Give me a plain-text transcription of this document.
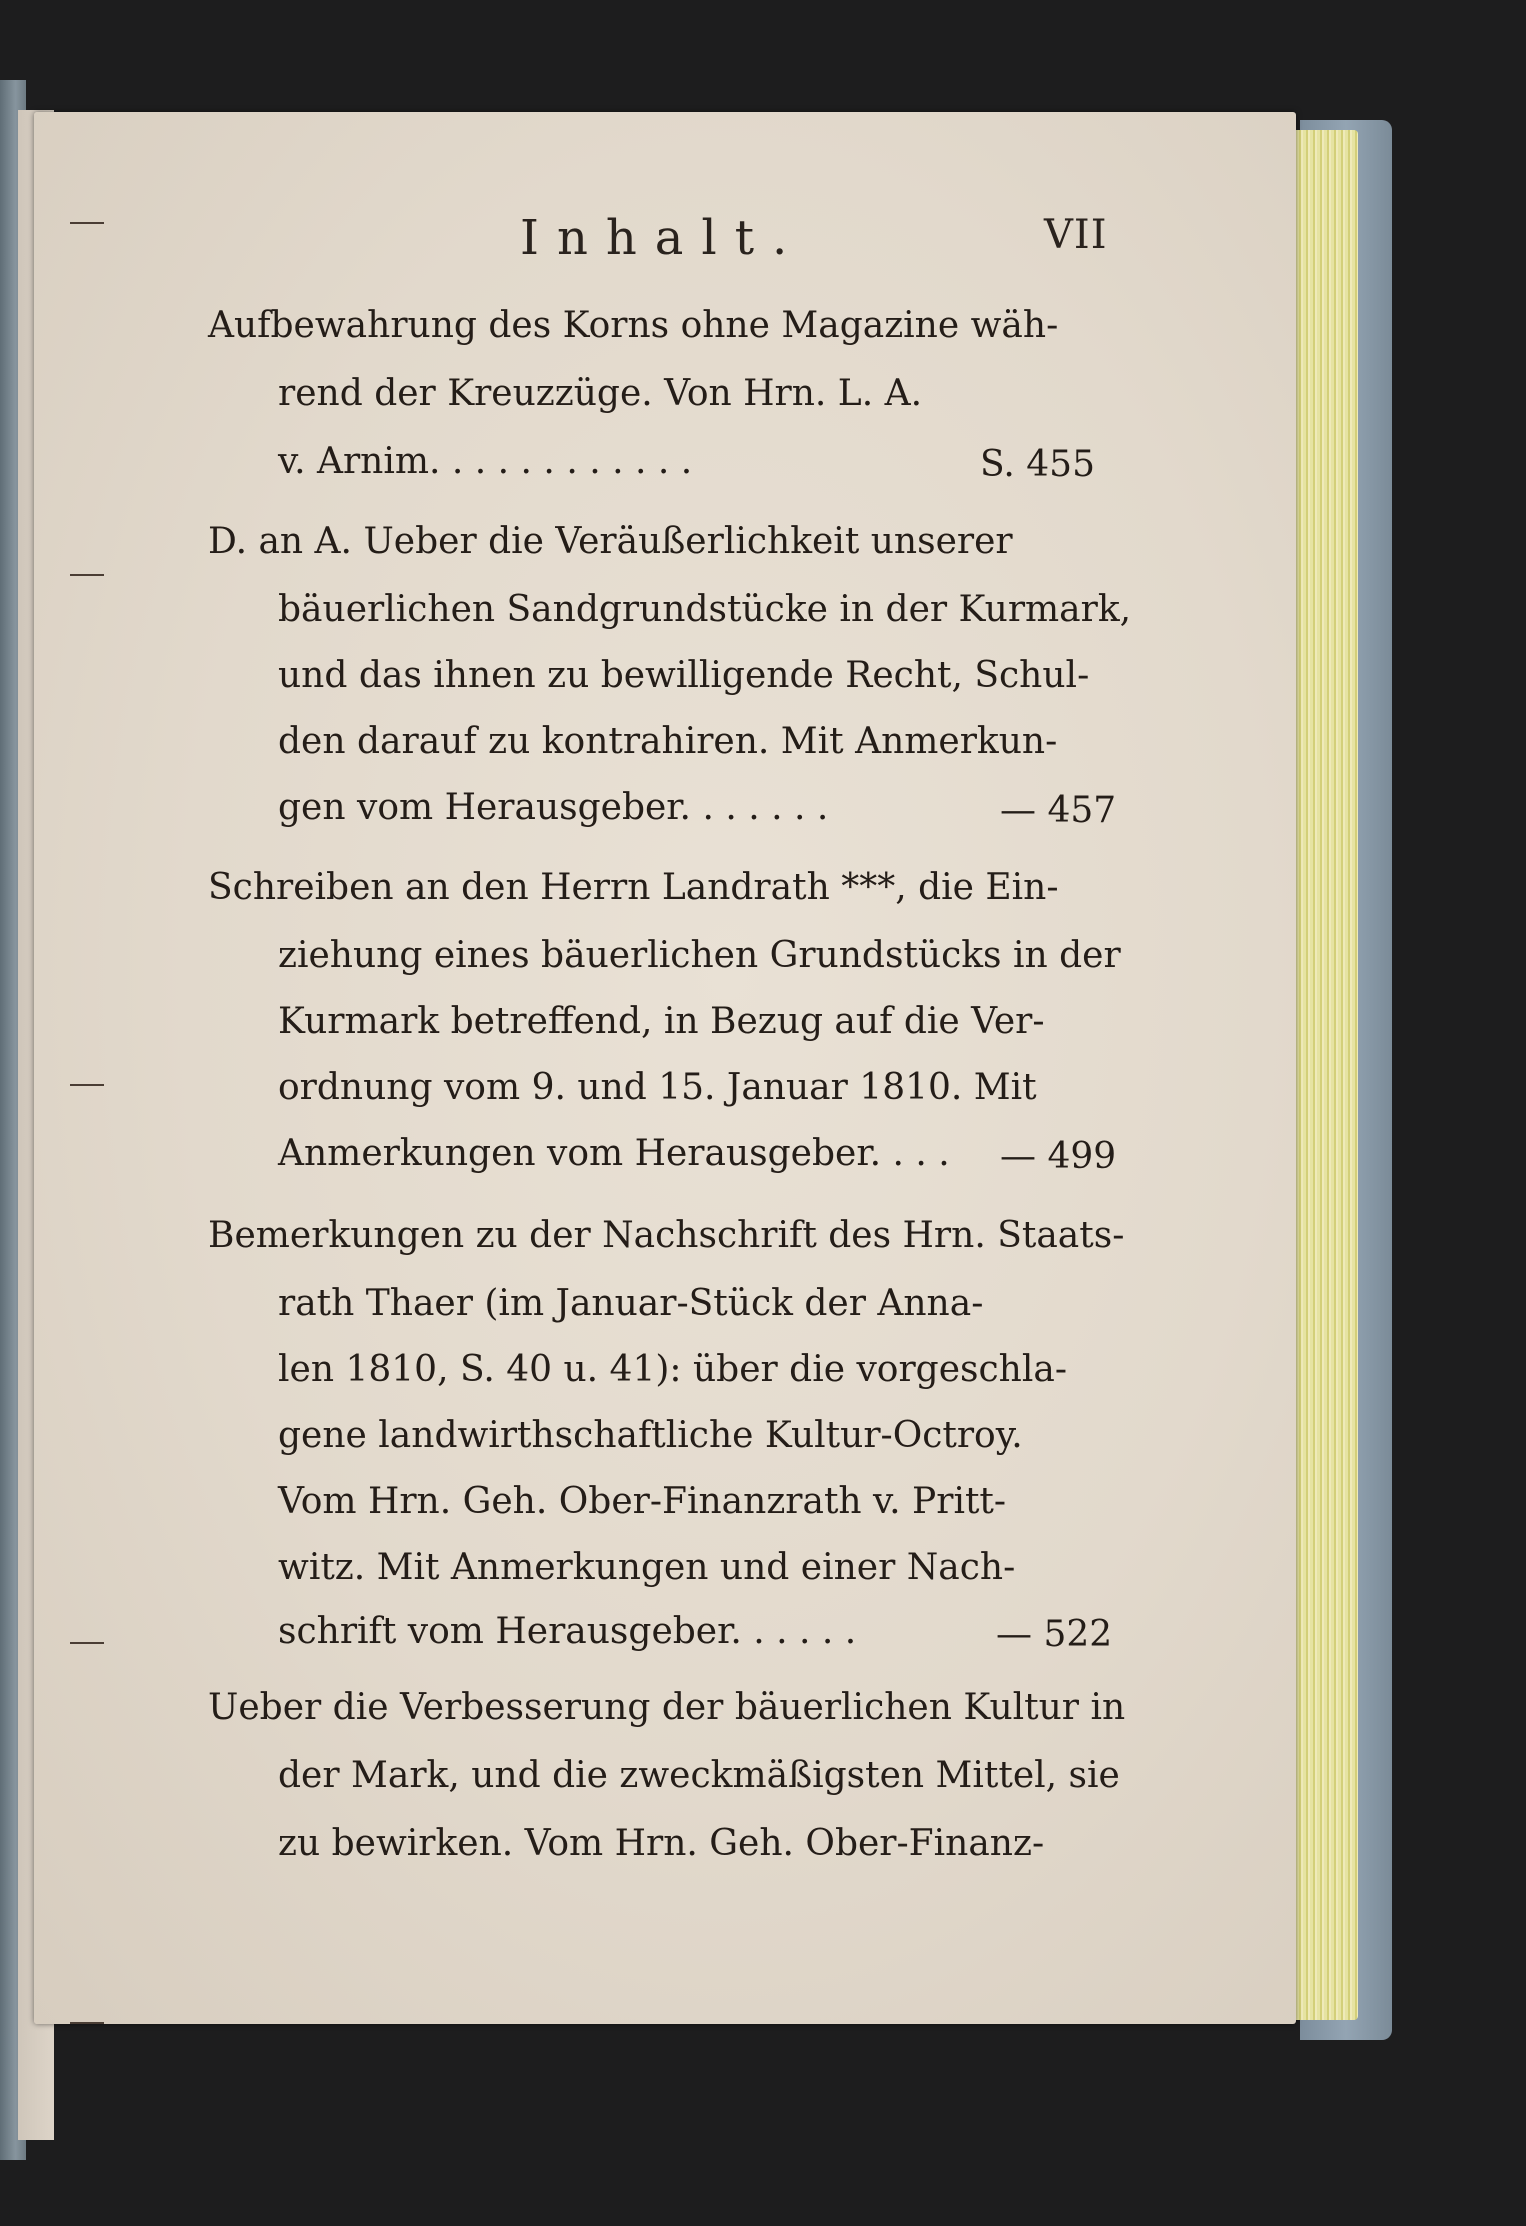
Inhalt.	VII
Aufbewahrung des Korns ohne Magazine wäh-
rend der Kreuzzüge. Von Hrn. L. A.
v. Arnim. . . . . . . . . . . .	S. 455
D. an A. Ueber die Veräußerlichkeit unserer
bäuerlichen Sandgrundstücke in der Kurmark,
und das ihnen zu bewilligende Recht, Schul-
den darauf zu kontrahiren. Mit Anmerkun-
gen vom Herausgeber. . . . . . .	— 457
Schreiben an den Herrn Landrath ***, die Ein-
ziehung eines bäuerlichen Grundstücks in der
Kurmark betreffend, in Bezug auf die Ver-
ordnung vom 9. und 15. Januar 1810. Mit
Anmerkungen vom Herausgeber. . . . — 499
Bemerkungen zu der Nachschrift des Hrn. Staats-
rath Thaer (im Januar-Stück der Anna-
len 1810, S. 40 u. 41): über die vorgeschla-
gene landwirthschaftliche Kultur-Octroy.
Vom Hrn. Geh. Ober-Finanzrath v. Pritt-
witz. Mit Anmerkungen und einer Nach-
schrift vom Herausgeber. . . . . .	— 522
Ueber die Verbesserung der bäuerlichen Kultur in
der Mark, und die zweckmäßigsten Mittel, sie
zu bewirken. Vom Hrn. Geh. Ober-Finanz-
